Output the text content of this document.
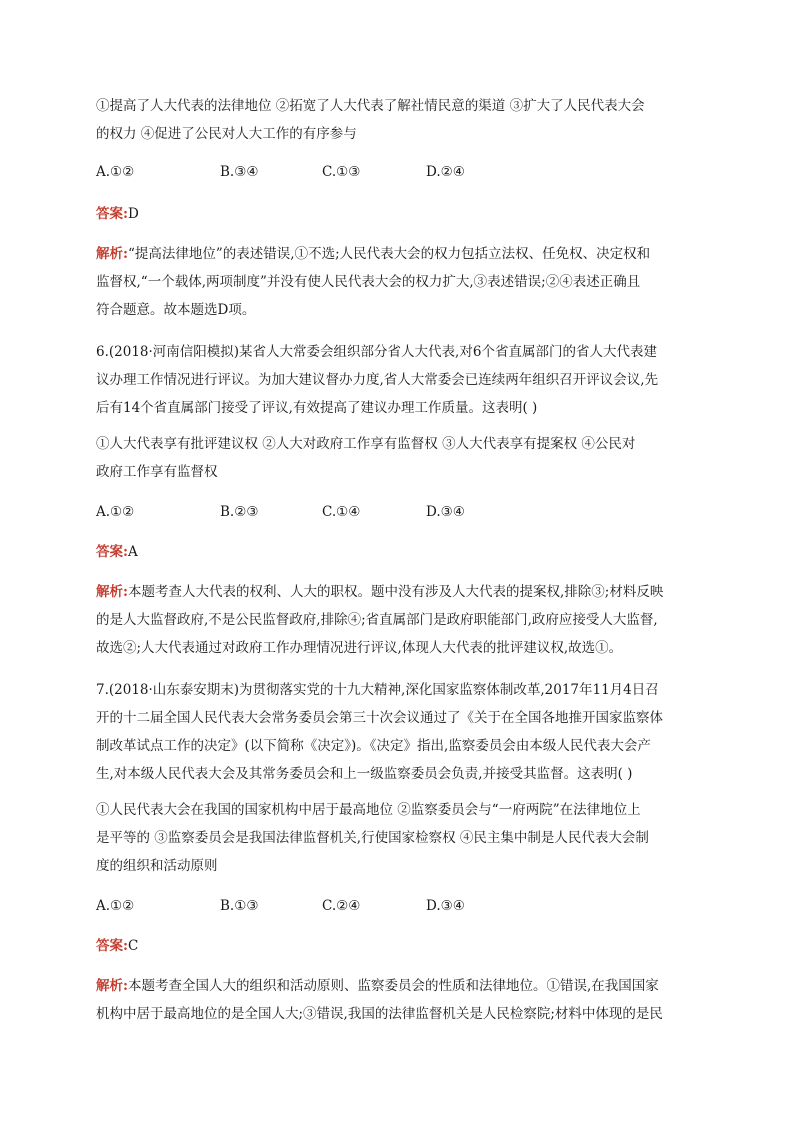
①提高了人大代表的法律地位 ②拓宽了人大代表了解社情民意的渠道 ③扩大了人民代表大会
的权力 ④促进了公民对人大工作的有序参与
A.①②	B.③④	C.①③	D.②④
答案:D
解析:“提高法律地位”的表述错误,①不选;人民代表大会的权力包括立法权、任免权、决定权和
监督权,“一个载体,两项制度”并没有使人民代表大会的权力扩大,③表述错误;②④表述正确且
符合题意。故本题选D项。
6.(2018·河南信阳模拟)某省人大常委会组织部分省人大代表,对6个省直属部门的省人大代表建
议办理工作情况进行评议。为加大建议督办力度,省人大常委会已连续两年组织召开评议会议,先
后有14个省直属部门接受了评议,有效提高了建议办理工作质量。这表明( )
①人大代表享有批评建议权 ②人大对政府工作享有监督权 ③人大代表享有提案权 ④公民对
政府工作享有监督权
A.①②	B.②③	C.①④	D.③④
答案:A
解析:本题考查人大代表的权利、人大的职权。题中没有涉及人大代表的提案权,排除③;材料反映
的是人大监督政府,不是公民监督政府,排除④;省直属部门是政府职能部门,政府应接受人大监督,
故选②;人大代表通过对政府工作办理情况进行评议,体现人大代表的批评建议权,故选①。
7.(2018·山东泰安期末)为贯彻落实党的十九大精神,深化国家监察体制改革,2017年11月4日召
开的十二届全国人民代表大会常务委员会第三十次会议通过了《关于在全国各地推开国家监察体
制改革试点工作的决定》(以下简称《决定》)。《决定》指出,监察委员会由本级人民代表大会产
生,对本级人民代表大会及其常务委员会和上一级监察委员会负责,并接受其监督。这表明( )
①人民代表大会在我国的国家机构中居于最高地位 ②监察委员会与“一府两院”在法律地位上
是平等的 ③监察委员会是我国法律监督机关,行使国家检察权 ④民主集中制是人民代表大会制
度的组织和活动原则
A.①②	B.①③	C.②④	D.③④
答案:C
解析:本题考查全国人大的组织和活动原则、监察委员会的性质和法律地位。①错误,在我国国家
机构中居于最高地位的是全国人大;③错误,我国的法律监督机关是人民检察院;材料中体现的是民
